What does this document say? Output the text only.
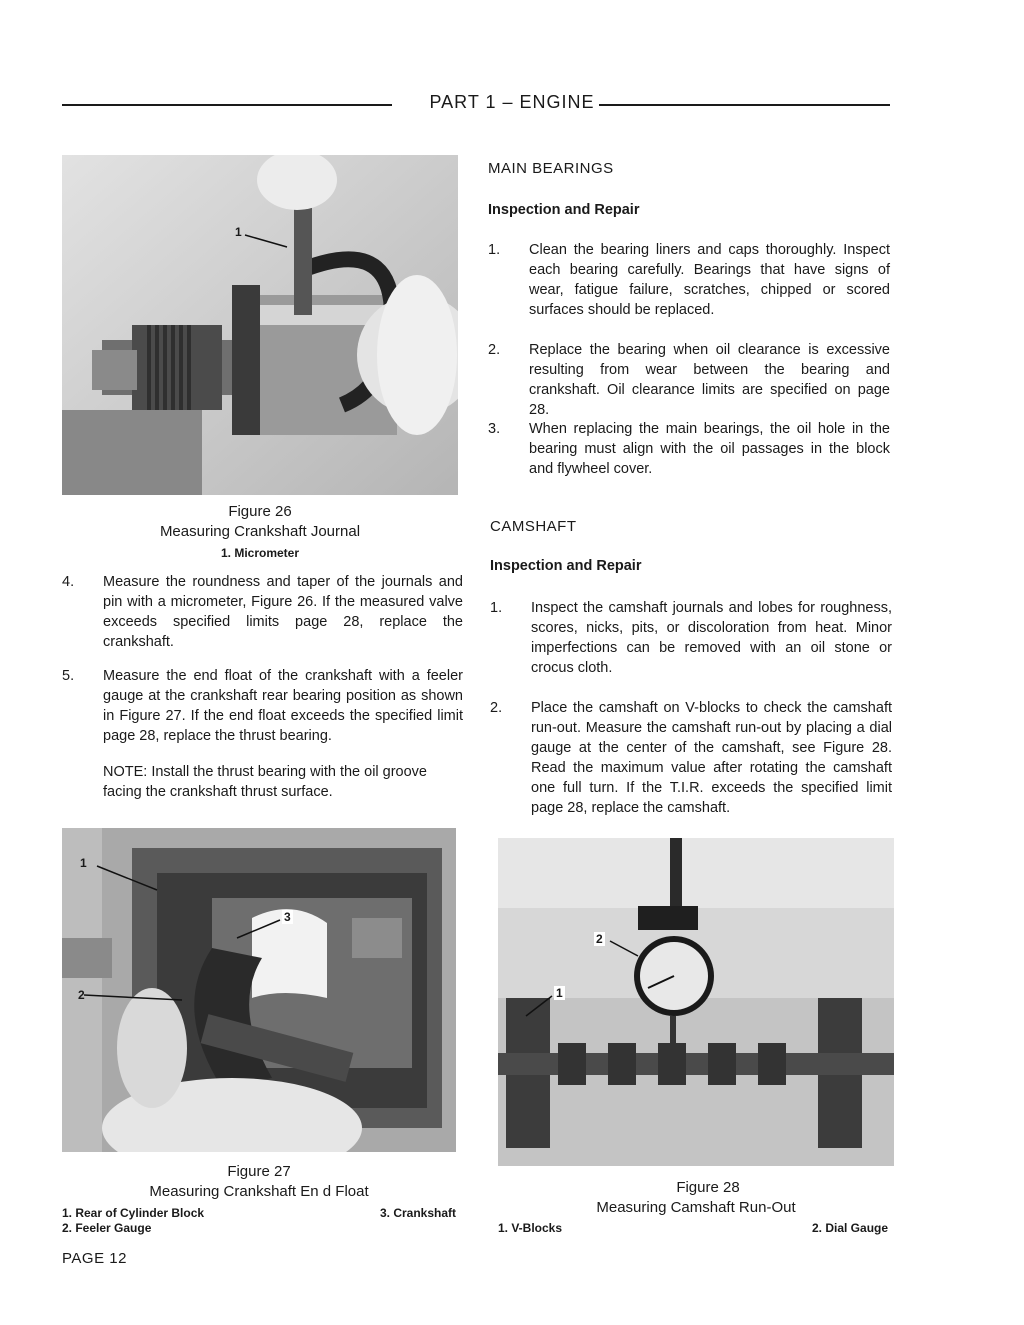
PART 1 – ENGINE
1
Figure 26
Measuring Crankshaft Journal
1. Micrometer
4. Measure the roundness and taper of the journals and pin with a micrometer, Figure 26. If the measured valve exceeds specified limits page 28, replace the crankshaft.
5. Measure the end float of the crankshaft with a feeler gauge at the crankshaft rear bearing position as shown in Figure 27. If the end float exceeds the specified limit page 28, replace the thrust bearing.
NOTE: Install the thrust bearing with the oil groove facing the crankshaft thrust surface.
MAIN BEARINGS
Inspection and Repair
1. Clean the bearing liners and caps thoroughly. Inspect each bearing carefully. Bearings that have signs of wear, fatigue failure, scratches, chipped or scored surfaces should be replaced.
2. Replace the bearing when oil clearance is excessive resulting from wear between the bearing and crankshaft. Oil clearance limits are specified on page 28.
3. When replacing the main bearings, the oil hole in the bearing must align with the oil passages in the block and flywheel cover.
CAMSHAFT
Inspection and Repair
1. Inspect the camshaft journals and lobes for roughness, scores, nicks, pits, or discoloration from heat. Minor imperfections can be removed with an oil stone or crocus cloth.
2. Place the camshaft on V-blocks to check the camshaft run-out. Measure the camshaft run-out by placing a dial gauge at the center of the camshaft, see Figure 28. Read the maximum value after rotating the camshaft one full turn. If the T.I.R. exceeds the specified limit page 28, replace the camshaft.
1
2
3
Figure 27
Measuring Crankshaft En d Float
1. Rear of Cylinder Block
2. Feeler Gauge
3. Crankshaft
2
1
Figure 28
Measuring Camshaft Run-Out
1. V-Blocks	2. Dial Gauge
PAGE 12
